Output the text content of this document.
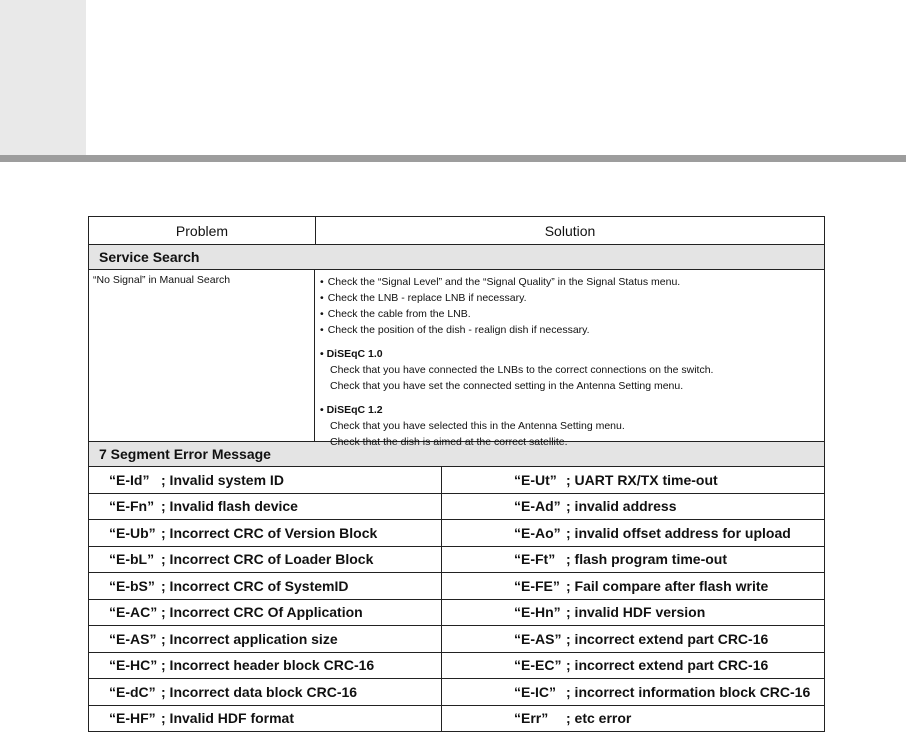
Problem	Solution
Service Search
“No Signal” in Manual Search
•	Check the “Signal Level” and the “Signal Quality” in the Signal Status menu.
• Check the LNB - replace LNB if necessary.
• Check the cable from the LNB.
• Check the position of the dish - realign dish if necessary.
• DiSEqC 1.0
Check that you have connected the LNBs to the correct connections on the switch.
Check that you have set the connected setting in the Antenna Setting menu.
• DiSEqC 1.2
Check that you have selected this in the Antenna Setting menu.
Check that the dish is aimed at the correct satellite.
7 Segment Error Message
“E-Id” ; Invalid system ID	“E-Ut” ; UART RX/TX time-out
“E-Fn” ; Invalid flash device	“E-Ad” ; invalid address
“E-Ub” ; Incorrect CRC of Version Block	“E-Ao” ; invalid offset address for upload
“E-bL” ; Incorrect CRC of Loader Block	“E-Ft” ; flash program time-out
“E-bS” ; Incorrect CRC of SystemID	“E-FE” ; Fail compare after flash write
“E-AC” ; Incorrect CRC Of Application	“E-Hn” ; invalid HDF version
“E-AS” ; Incorrect application size	“E-AS” ; incorrect extend part CRC-16
“E-HC” ; Incorrect header block CRC-16	“E-EC” ; incorrect extend part CRC-16
“E-dC” ; Incorrect data block CRC-16	“E-IC” ; incorrect information block CRC-16
“E-HF” ; Invalid HDF format	“Err”	; etc error
